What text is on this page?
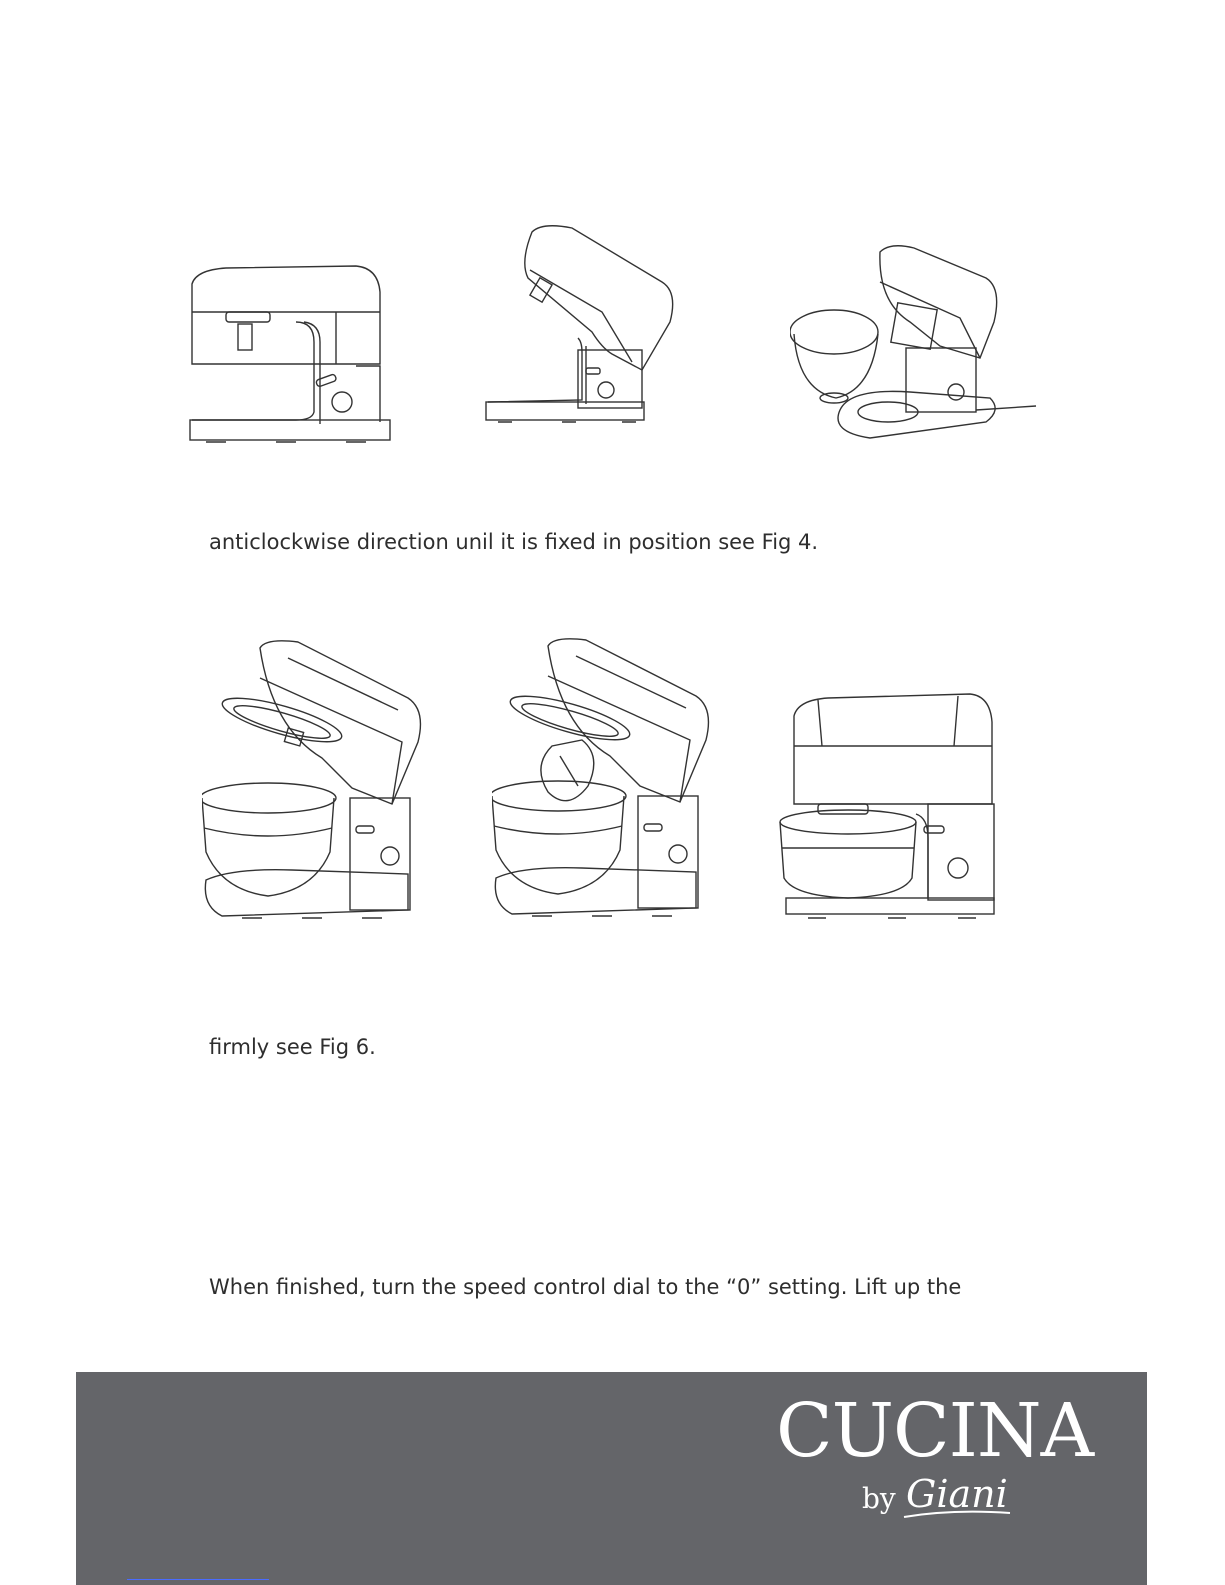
anticlockwise direction unil it is fixed in position see Fig 4.
firmly see Fig 6.
When finished, turn the speed control dial to the “0” setting. Lift up the
CUCINA
by Giani
